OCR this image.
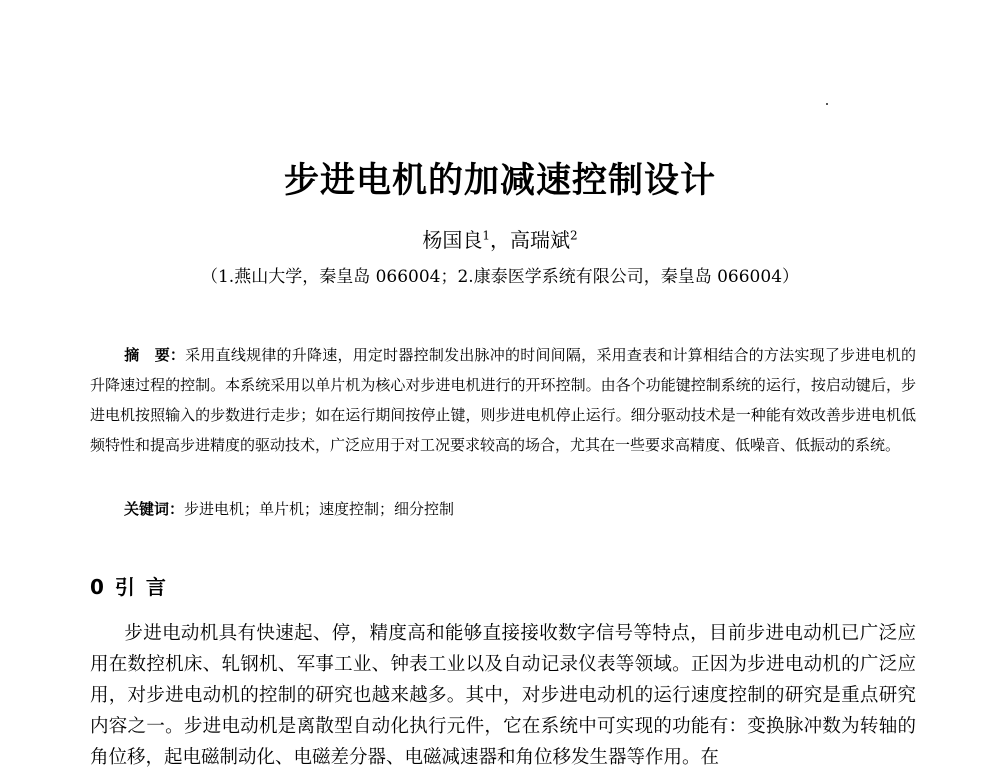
步进电机的加减速控制设计
杨国良$^1$，高瑞斌$^2$
（1.燕山大学，秦皇岛 066004；2.康泰医学系统有限公司，秦皇岛 066004）
摘　要：采用直线规律的升降速，用定时器控制发出脉冲的时间间隔，采用查表和计算相结合的方法实现了步进电机的升降速过程的控制。本系统采用以单片机为核心对步进电机进行的开环控制。由各个功能键控制系统的运行，按启动键后，步进电机按照输入的步数进行走步；如在运行期间按停止键，则步进电机停止运行。细分驱动技术是一种能有效改善步进电机低频特性和提高步进精度的驱动技术，广泛应用于对工况要求较高的场合，尤其在一些要求高精度、低噪音、低振动的系统。
关键词：步进电机；单片机；速度控制；细分控制
0 引 言
步进电动机具有快速起、停，精度高和能够直接接收数字信号等特点，目前步进电动机已广泛应用在数控机床、轧钢机、军事工业、钟表工业以及自动记录仪表等领域。正因为步进电动机的广泛应用，对步进电动机的控制的研究也越来越多。其中，对步进电动机的运行速度控制的研究是重点研究内容之一。步进电动机是离散型自动化执行元件，它在系统中可实现的功能有：变换脉冲数为转轴的角位移，起电磁制动化、电磁差分器、电磁减速器和角位移发生器等作用。在
